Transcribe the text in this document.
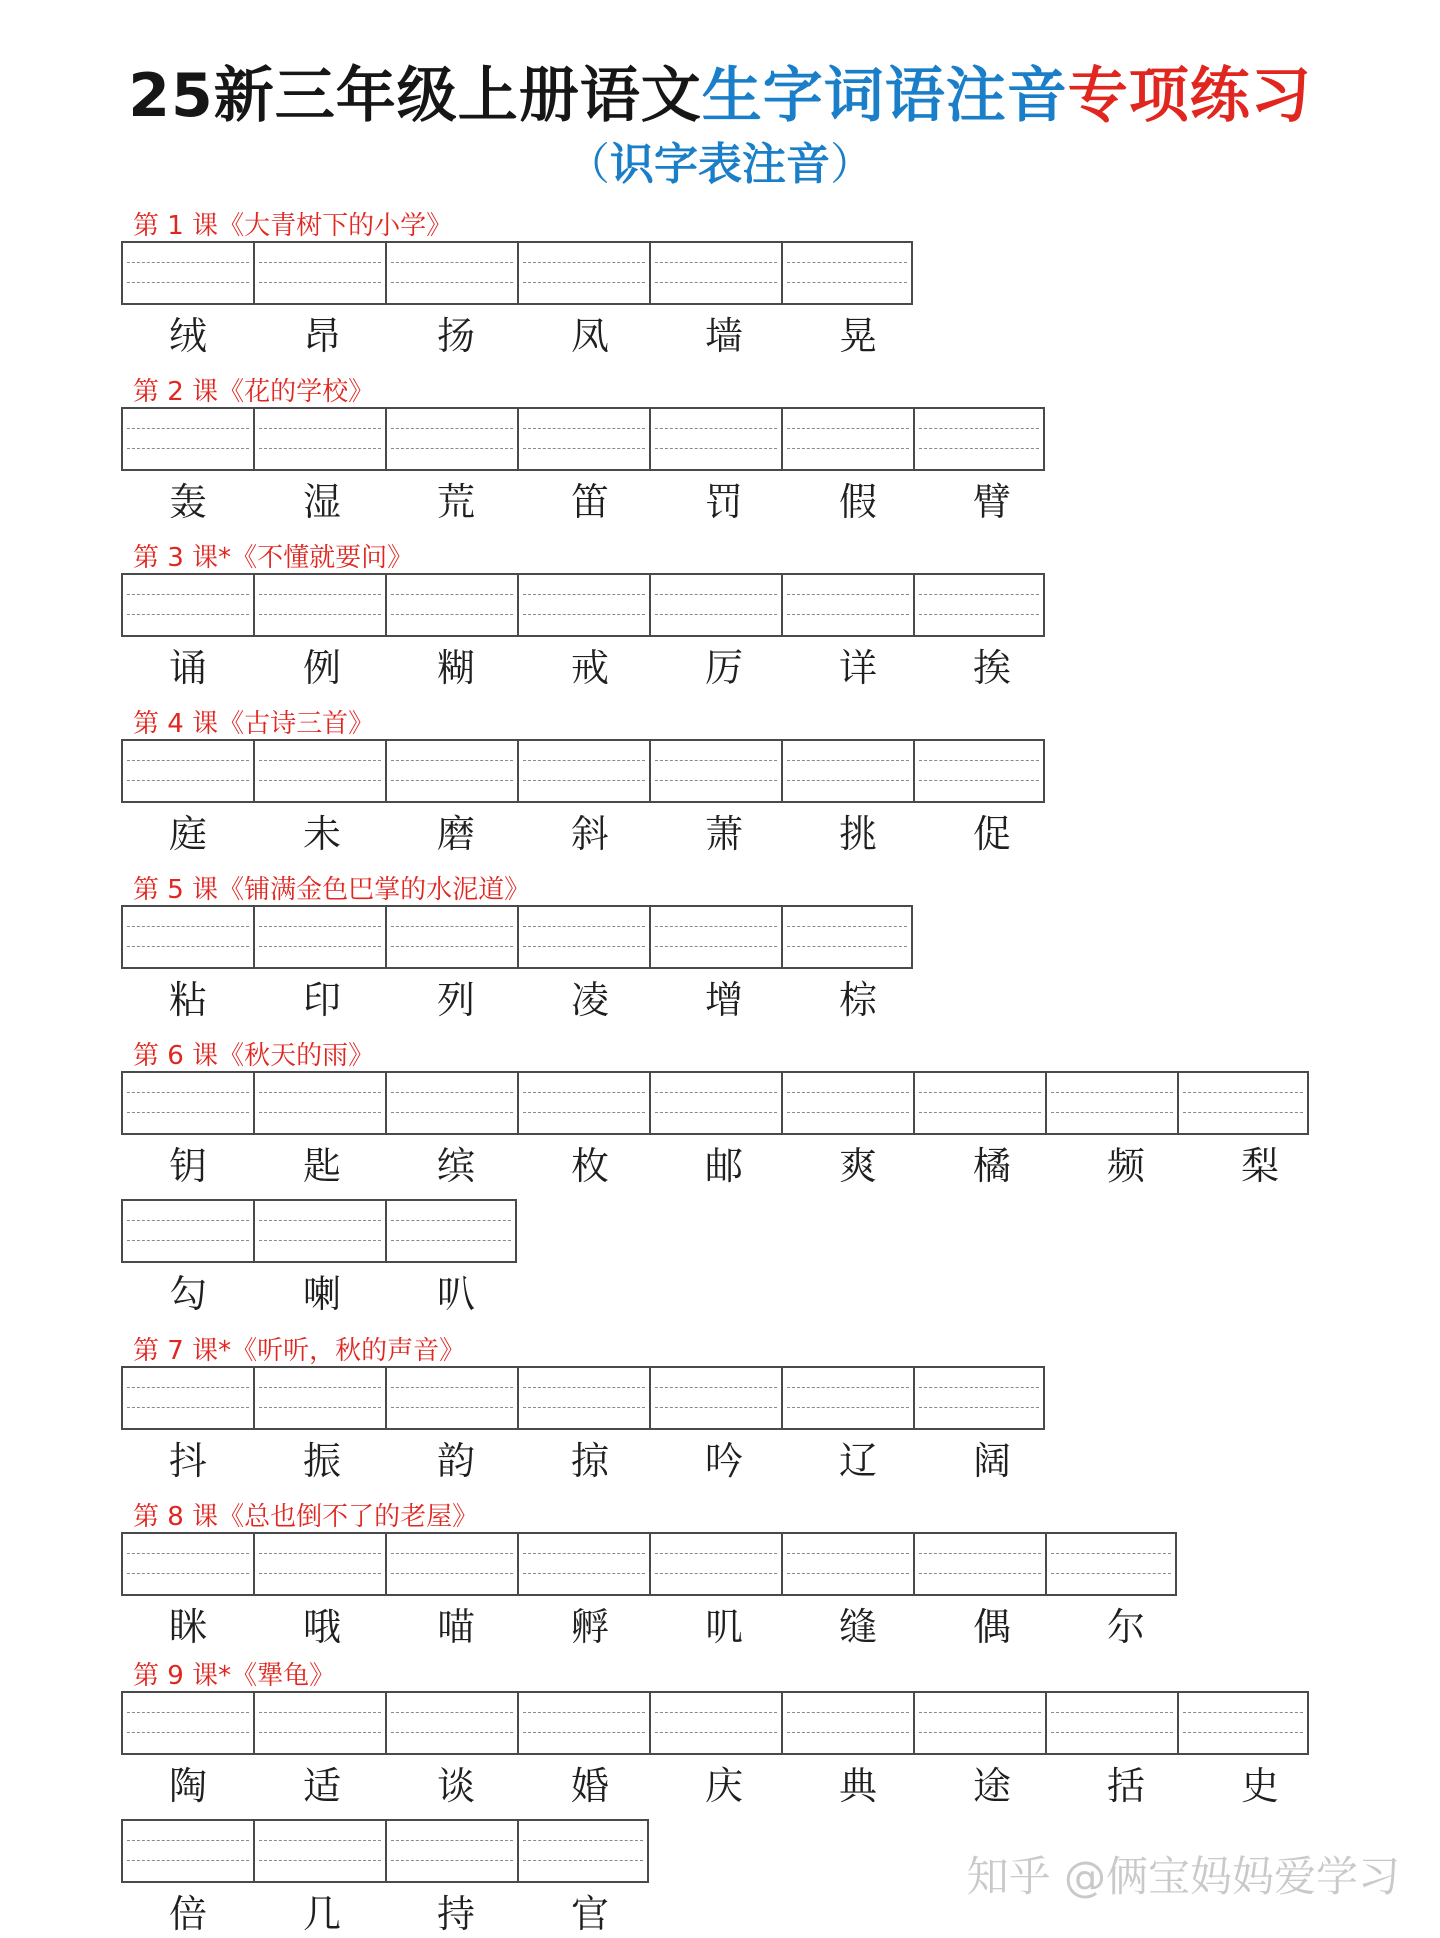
25新三年级上册语文生字词语注音专项练习
（识字表注音）
第 1 课《大青树下的小学》
绒	昂	扬	凤	墙	晃
第 2 课《花的学校》
轰	湿	荒	笛	罚	假	臂
第 3 课*《不懂就要问》
诵	例	糊	戒	厉	详	挨
第 4 课《古诗三首》
庭	未	磨	斜	萧	挑	促
第 5 课《铺满金色巴掌的水泥道》
粘	印	列	凌	增	棕
第 6 课《秋天的雨》
钥	匙	缤	枚	邮	爽	橘	频	梨
勾	喇	叭
第 7 课*《听听，秋的声音》
抖	振	韵	掠	吟	辽	阔
第 8 课《总也倒不了的老屋》
眯	哦	喵	孵	叽	缝	偶	尔
第 9 课*《犟龟》
陶	适	谈	婚	庆	典	途	括	史
倍	几	持	官
知乎 @俩宝妈妈爱学习
